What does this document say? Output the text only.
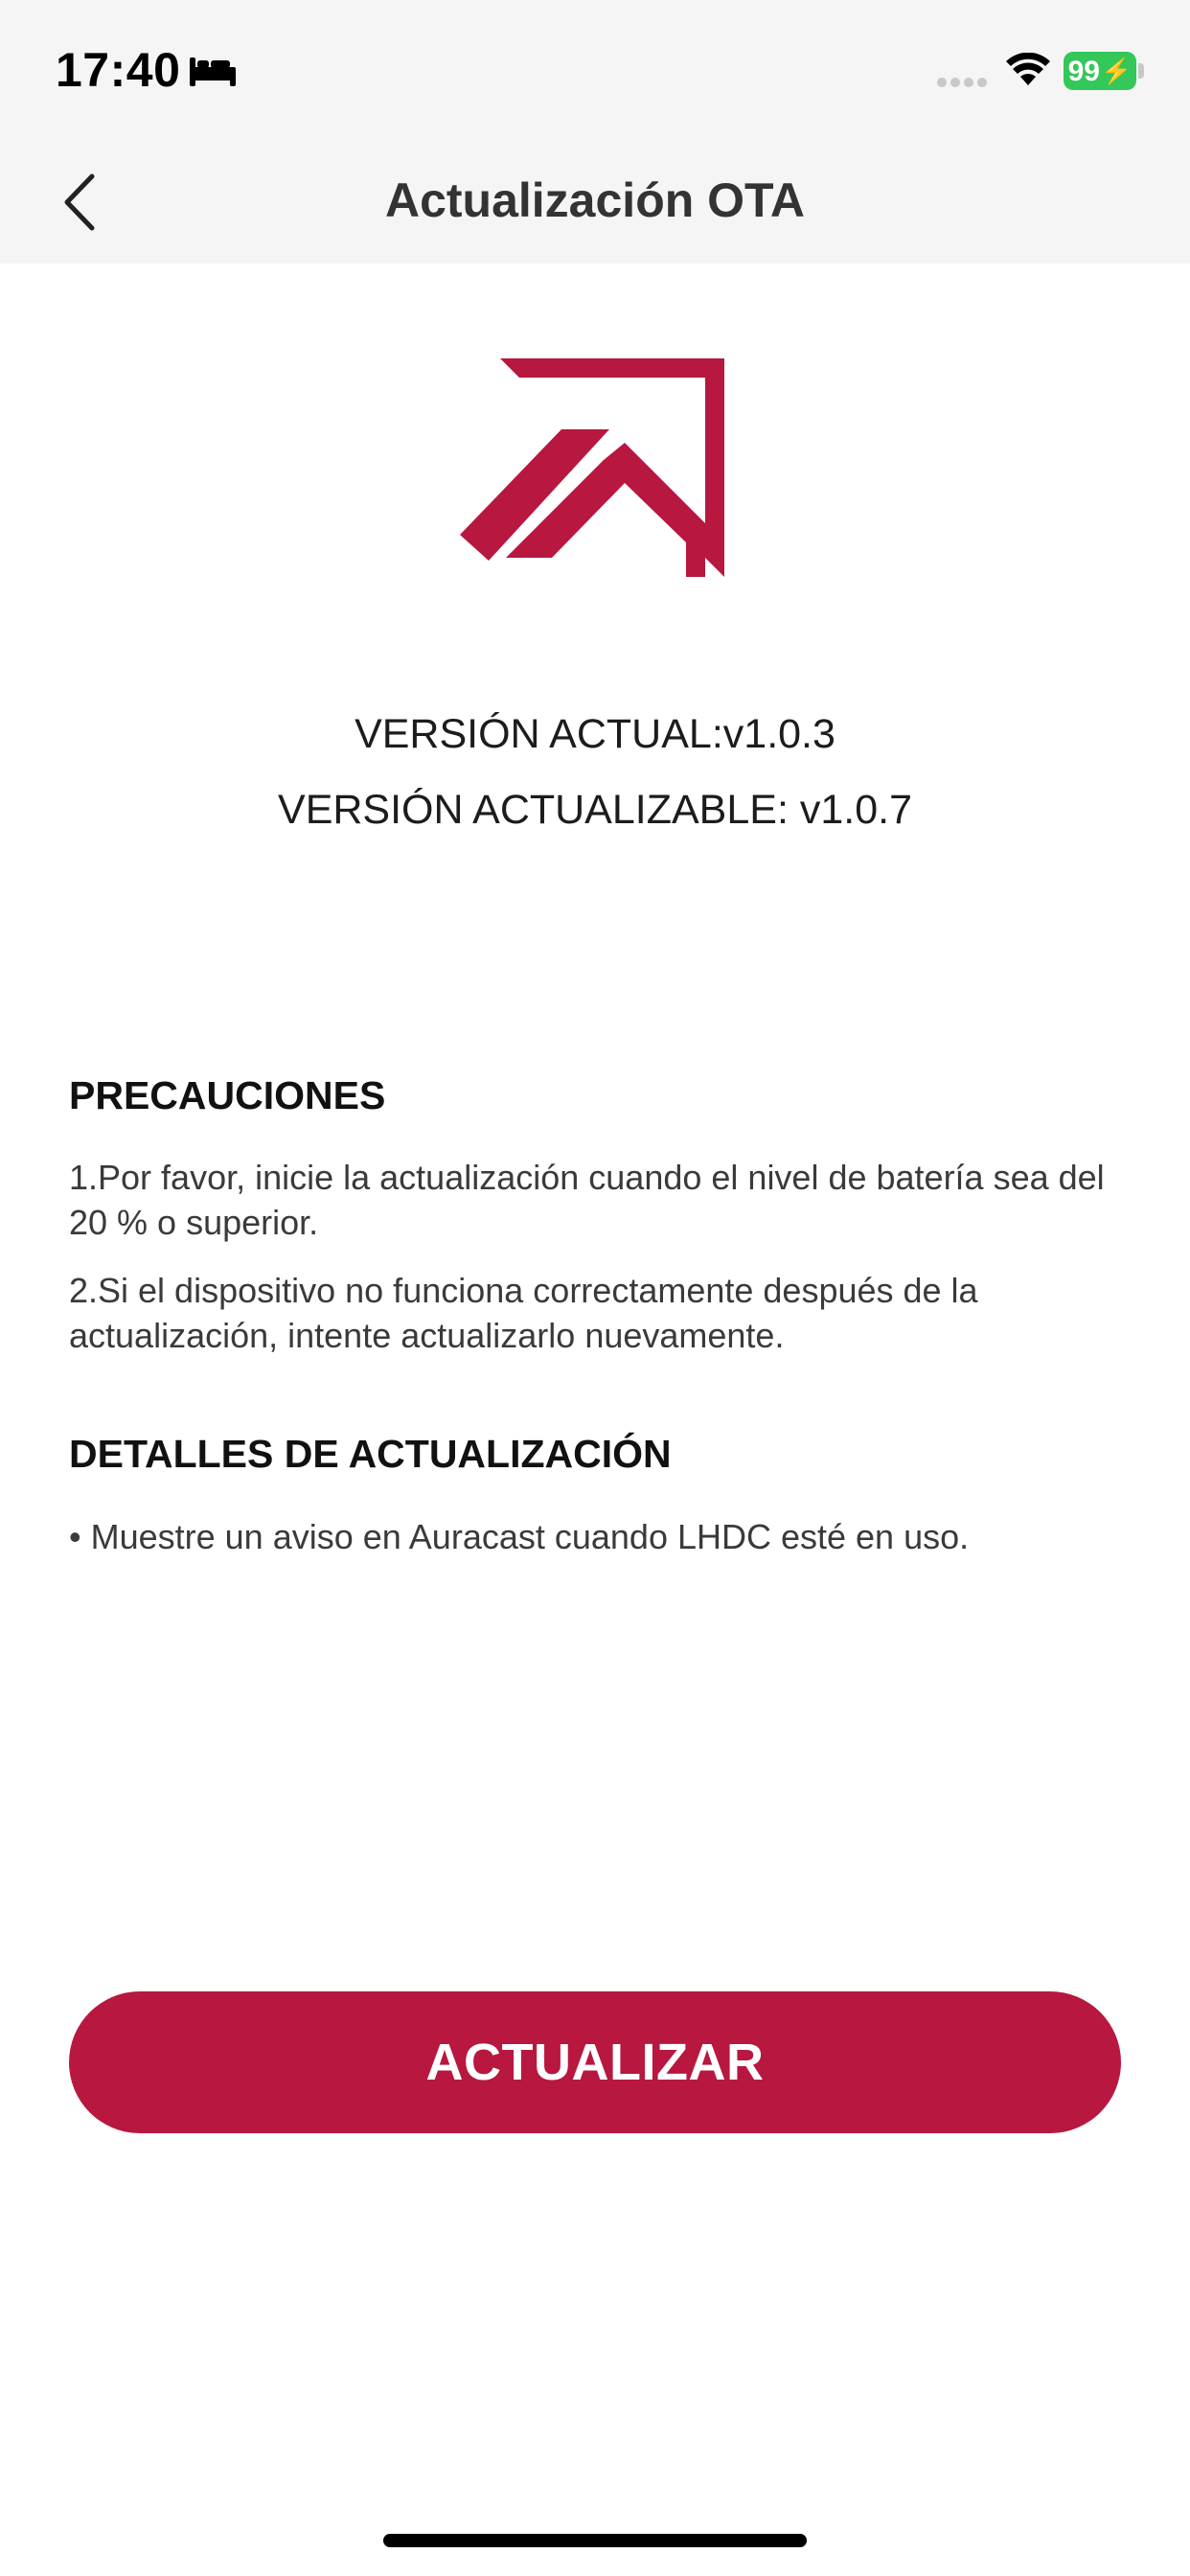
17:40	99 ⚡
Actualización OTA
VERSIÓN ACTUAL:v1.0.3
VERSIÓN ACTUALIZABLE: v1.0.7
PRECAUCIONES
1.Por favor, inicie la actualización cuando el nivel de batería sea del 20 % o superior.
2.Si el dispositivo no funciona correctamente después de la actualización, intente actualizarlo nuevamente.
DETALLES DE ACTUALIZACIÓN
• Muestre un aviso en Auracast cuando LHDC esté en uso.
ACTUALIZAR
